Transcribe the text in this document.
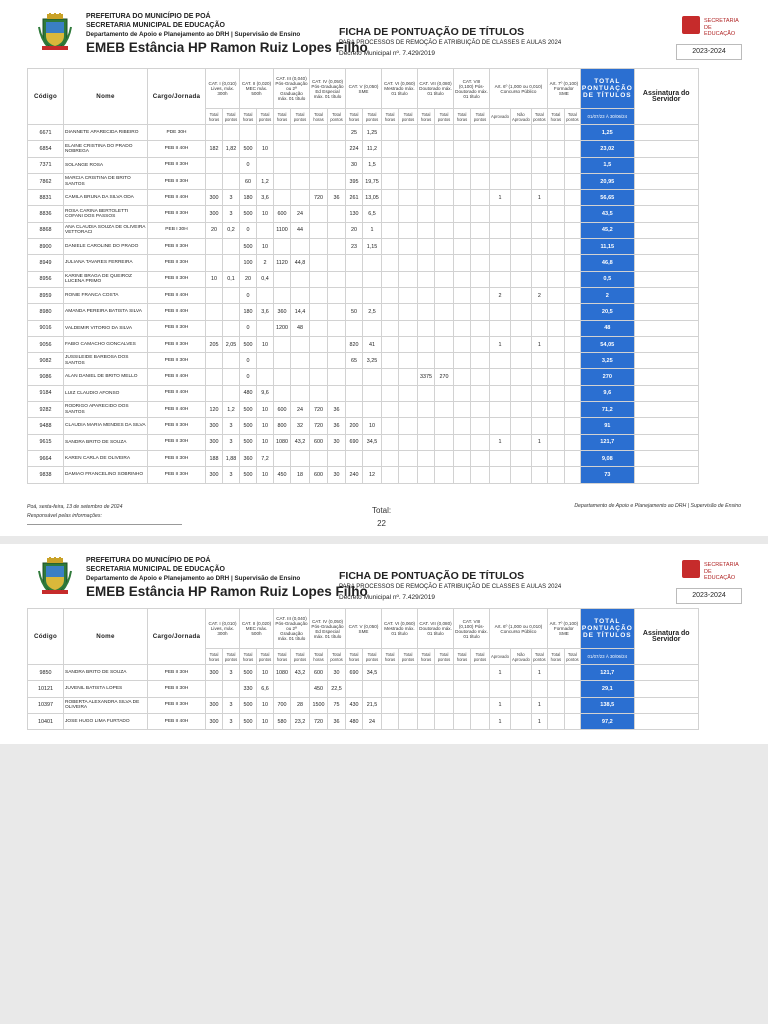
PREFEITURA DO MUNICÍPIO DE POÁ
SECRETARIA MUNICIPAL DE EDUCAÇÃO
Departamento de Apoio e Planejamento ao DRH | Supervisão de Ensino
EMEB Estância HP Ramon Ruiz Lopes Filho
FICHA DE PONTUAÇÃO DE TÍTULOS
PARA PROCESSOS DE REMOÇÃO E ATRIBUIÇÃO DE CLASSES E AULAS 2024
Decreto Municipal nº. 7.429/2019
SECRETARIA DE EDUCAÇÃO
2023-2024
Código	Nome	Cargo/Jornada	CAT. I (0,010) Lives, máx. 300h		CAT. II (0,020) MEC máx. 500h		CAT. III (0,040) Pós-Graduação ou 2ª Graduação máx. 01 título		CAT. IV (0,050) Pós-Graduação Ed Especial máx. 01 título		CAT. V (0,050) SME		CAT. VI (0,060) Mestrado máx. 01 título		CAT. VII (0,080) Doutorado máx. 01 título		CAT. VIII (0,100) Pós-Doutorado máx. 01 título		Art. 6º (1,000 ou 0,010) Concurso Público			Art. 7º (0,100) Formador SME		TOTAL PONTUAÇÃO DE TÍTULOS	Assinatura do Servidor
			Total horas	Total pontos	Total horas	Total pontos	Total horas	Total pontos	Total horas	Total pontos	Total horas	Total pontos	Total horas	Total pontos	Total horas	Total pontos	Total horas	Total pontos	Aprovado	Não Aprovado	Total pontos	Total horas	Total pontos	01/07/23 À 30/06/24	
6671	DIANNETE APARECIDA RIBEIRO	PDE 30H									25	1,25												1,25	
6854	ELAINE CRISTINA DO PRADO NOBREGA	PEB II 40H	182	1,82	500	10					224	11,2												23,02	
7371	SOLANGE ROSA	PEB II 30H			0						30	1,5												1,5	
7862	MARCIA CRISTINA DE BRITO SANTOS	PEB II 30H			60	1,2					395	19,75												20,95	
8831	CAMILA BRUNA DA SILVA ODA	PEB II 40H	300	3	180	3,6			720	36	261	13,05							1		1			56,65	
8836	ROSA CARINA BERTOLETTI COFANI DOS PASSOS	PEB II 30H	300	3	500	10	600	24			130	6,5												43,5	
8868	ANA CLAUDIA SOUZA DE OLIVEIRA VETTORACI	PEB I 30H	20	0,2	0		1100	44			20	1												45,2	
8900	DANIELE CAROLINE DO PRADO	PEB II 30H			500	10					23	1,15												11,15	
8949	JULIANA TAVARES FERREIRA	PEB II 30H			100	2	1120	44,8																46,8	
8956	KARINE BRAGA DE QUEIROZ LUCENA PRIMO	PEB II 30H	10	0,1	20	0,4																		0,5	
8959	RONIE FRANCA COSTA	PEB II 40H			0														2		2			2	
8980	AMANDA PEREIRA BATISTA SILVA	PEB II 40H			180	3,6	360	14,4			50	2,5												20,5	
9016	VALDEMIR VITORIO DA SILVA	PEB II 30H			0		1200	48																48	
9056	FABIO CAMACHO GONCALVES	PEB II 30H	205	2,05	500	10					820	41							1		1			54,05	
9082	JUSSILEIDE BARBOSA DOS SANTOS	PEB II 30H			0						65	3,25												3,25	
9086	ALAN DANIEL DE BRITO MELLO	PEB II 40H			0										3375	270								270	
9184	LUIZ CLAUDIO AFONSO	PEB II 40H			480	9,6																		9,6	
9282	RODRIGO APARECIDO DOS SANTOS	PEB II 40H	120	1,2	500	10	600	24	720	36														71,2	
9488	CLAUDIA MARIA MENDES DA SILVA	PEB II 30H	300	3	500	10	800	32	720	36	200	10												91	
9615	SANDRA BRITO DE SOUZA	PEB II 30H	300	3	500	10	1080	43,2	600	30	690	34,5							1		1			121,7	
9664	KAREN CARLA DE OLIVEIRA	PEB II 30H	188	1,88	360	7,2																		9,08	
9838	DAMIAO FRANCELINO SOBRINHO	PEB II 30H	300	3	500	10	450	18	600	30	240	12												73	
Poá, sexta-feira, 13 de setembro de 2024
Responsável pelas informações:
Total:
22
Departamento de Apoio e Planejamento ao DRH | Supervisão de Ensino
PREFEITURA DO MUNICÍPIO DE POÁ
SECRETARIA MUNICIPAL DE EDUCAÇÃO
Departamento de Apoio e Planejamento ao DRH | Supervisão de Ensino
EMEB Estância HP Ramon Ruiz Lopes Filho
FICHA DE PONTUAÇÃO DE TÍTULOS
PARA PROCESSOS DE REMOÇÃO E ATRIBUIÇÃO DE CLASSES E AULAS 2024
Decreto Municipal nº. 7.429/2019
SECRETARIA DE EDUCAÇÃO
2023-2024
Código	Nome	Cargo/Jornada	CAT. I (0,010) Lives, máx. 300h		CAT. II (0,020) MEC máx. 500h		CAT. III (0,040) Pós-Graduação ou 2ª Graduação máx. 01 título		CAT. IV (0,050) Pós-Graduação Ed Especial máx. 01 título		CAT. V (0,050) SME		CAT. VI (0,060) Mestrado máx. 01 título		CAT. VII (0,080) Doutorado máx. 01 título		CAT. VIII (0,100) Pós-Doutorado máx. 01 título		Art. 6º (1,000 ou 0,010) Concurso Público			Art. 7º (0,100) Formador SME		TOTAL PONTUAÇÃO DE TÍTULOS	Assinatura do Servidor
			Total horas	Total pontos	Total horas	Total pontos	Total horas	Total pontos	Total horas	Total pontos	Total horas	Total pontos	Total horas	Total pontos	Total horas	Total pontos	Total horas	Total pontos	Aprovado	Não Aprovado	Total pontos	Total horas	Total pontos	01/07/23 À 30/06/24	
9850	SANDRA BRITO DE SOUZA	PEB II 30H	300	3	500	10	1080	43,2	600	30	690	34,5							1		1			121,7	
10121	JUVENIL BATISTA LOPES	PEB II 30H			330	6,6			450	22,5														29,1	
10397	ROBERTA ALEXANDRA SILVA DE OLIVEIRA	PEB II 30H	300	3	500	10	700	28	1500	75	430	21,5							1		1			138,5	
10401	JOSE HUGO LIMA FURTADO	PEB II 40H	300	3	500	10	580	23,2	720	36	480	24							1		1			97,2	
